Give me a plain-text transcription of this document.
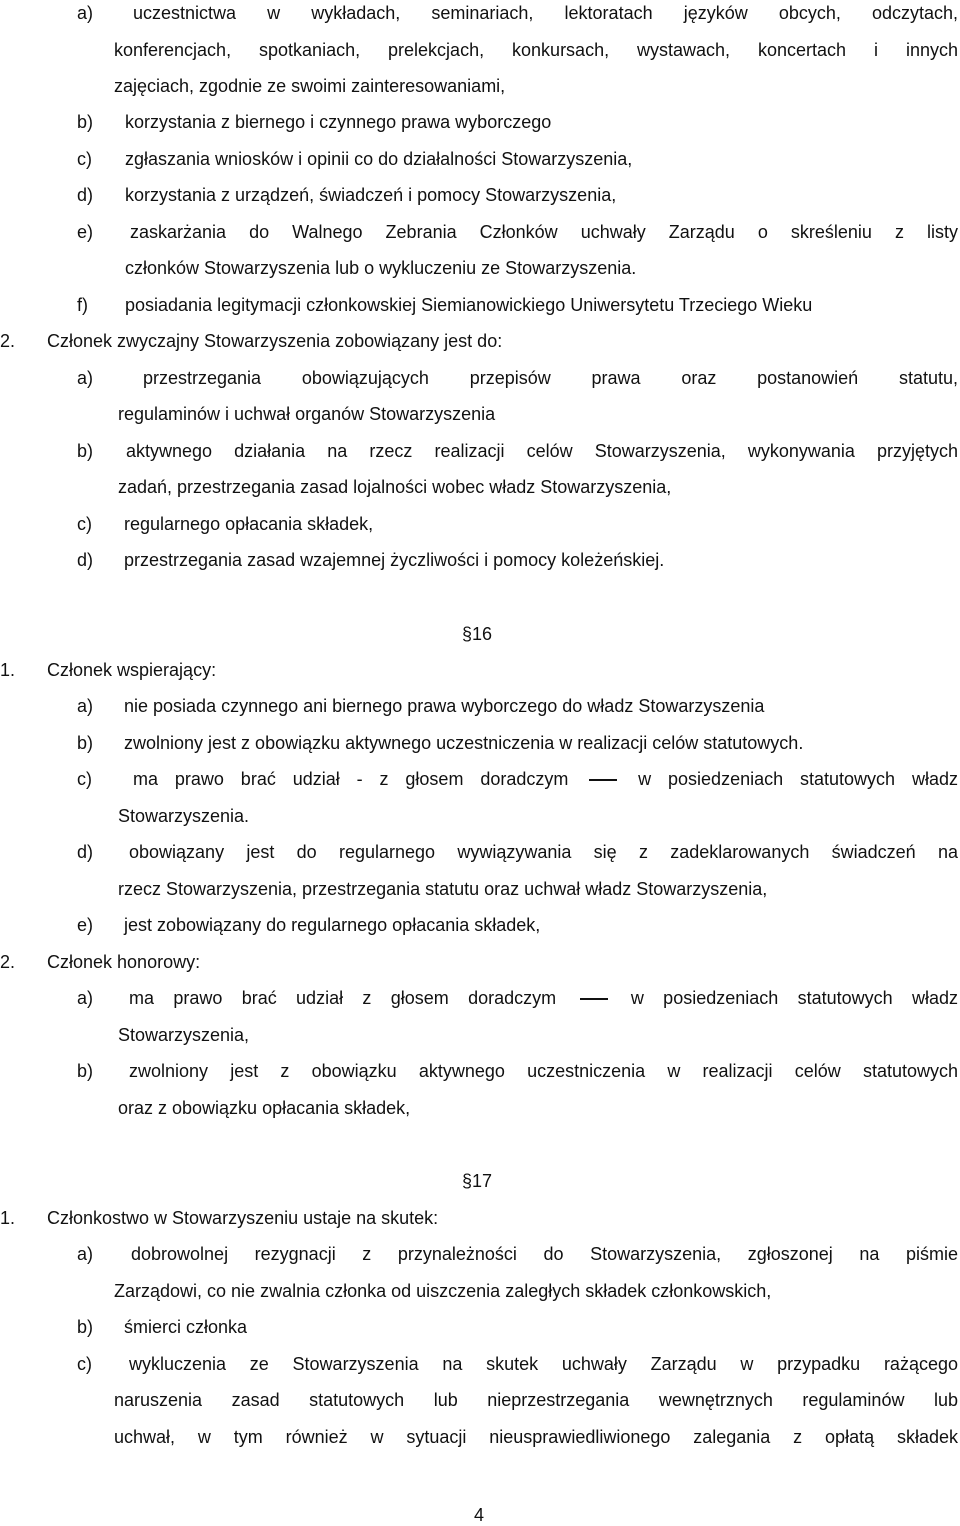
a) uczestnictwa w wykładach, seminariach, lektoratach języków obcych, odczytach,
konferencjach, spotkaniach, prelekcjach, konkursach, wystawach, koncertach i innych
zajęciach, zgodnie ze swoimi zainteresowaniami,
b) korzystania z biernego i czynnego prawa wyborczego
c) zgłaszania wniosków i opinii co do działalności Stowarzyszenia,
d) korzystania z urządzeń, świadczeń i pomocy Stowarzyszenia,
e) zaskarżania do Walnego Zebrania Członków uchwały Zarządu o skreśleniu z listy
członków Stowarzyszenia lub o wykluczeniu ze Stowarzyszenia.
f) posiadania legitymacji członkowskiej Siemianowickiego Uniwersytetu Trzeciego Wieku
2. Członek zwyczajny Stowarzyszenia zobowiązany jest do:
a)	przestrzegania obowiązujących przepisów prawa oraz postanowień statutu,
regulaminów i uchwał organów Stowarzyszenia
b) aktywnego działania na rzecz realizacji celów Stowarzyszenia, wykonywania przyjętych
zadań, przestrzegania zasad lojalności wobec władz Stowarzyszenia,
c) regularnego opłacania składek,
d) przestrzegania zasad wzajemnej życzliwości i pomocy koleżeńskiej.
§16
1. Członek wspierający:
a) nie posiada czynnego ani biernego prawa wyborczego do władz Stowarzyszenia
b) zwolniony jest z obowiązku aktywnego uczestniczenia w realizacji celów statutowych.
c) ma prawo brać udział - z głosem doradczym	w posiedzeniach statutowych władz
Stowarzyszenia.
d) obowiązany jest do regularnego wywiązywania się z zadeklarowanych świadczeń na
rzecz Stowarzyszenia, przestrzegania statutu oraz uchwał władz Stowarzyszenia,
e) jest zobowiązany do regularnego opłacania składek,
2. Członek honorowy:
a) ma prawo brać udział z głosem doradczym	w posiedzeniach statutowych władz
Stowarzyszenia,
b) zwolniony jest z obowiązku aktywnego uczestniczenia w realizacji celów statutowych
oraz z obowiązku opłacania składek,
§17
1. Członkostwo w Stowarzyszeniu ustaje na skutek:
a) dobrowolnej rezygnacji z przynależności do Stowarzyszenia, zgłoszonej na piśmie
Zarządowi, co nie zwalnia członka od uiszczenia zaległych składek członkowskich,
b) śmierci członka
c) wykluczenia ze Stowarzyszenia na skutek uchwały Zarządu w przypadku rażącego
naruszenia zasad statutowych lub nieprzestrzegania wewnętrznych regulaminów lub
uchwał, w tym również w sytuacji nieusprawiedliwionego zalegania z opłatą składek
4
